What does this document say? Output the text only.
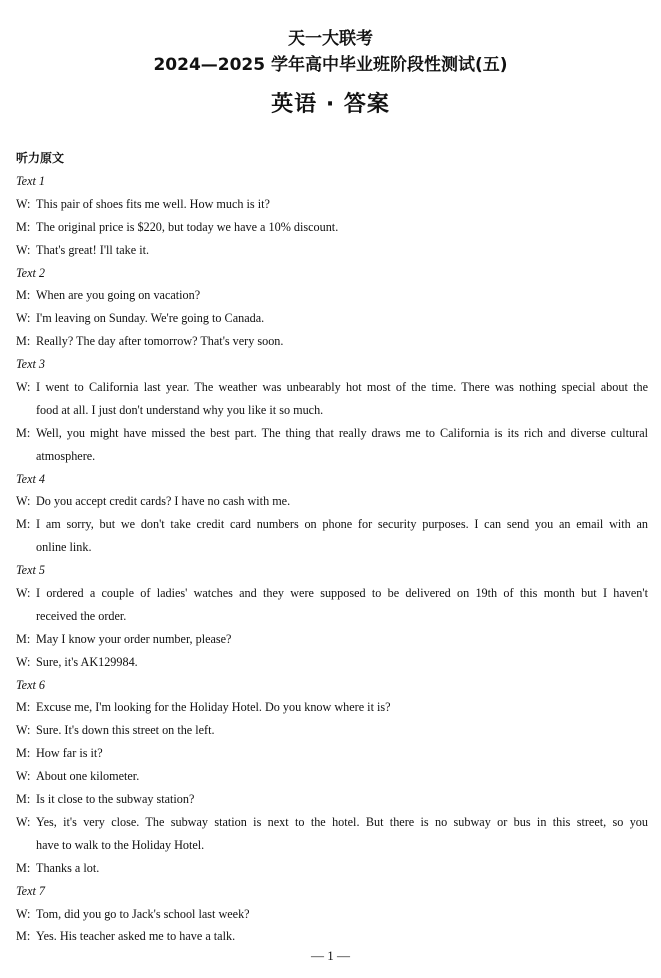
天一大联考
2024—2025 学年高中毕业班阶段性测试(五)
英语 · 答案
听力原文
Text 1
W: This pair of shoes fits me well. How much is it?
M: The original price is $220, but today we have a 10% discount.
W: That's great! I'll take it.
Text 2
M: When are you going on vacation?
W: I'm leaving on Sunday. We're going to Canada.
M: Really? The day after tomorrow? That's very soon.
Text 3
W: I went to California last year. The weather was unbearably hot most of the time. There was nothing special about the
food at all. I just don't understand why you like it so much.
M: Well, you might have missed the best part. The thing that really draws me to California is its rich and diverse cultural
atmosphere.
Text 4
W: Do you accept credit cards? I have no cash with me.
M: I am sorry, but we don't take credit card numbers on phone for security purposes. I can send you an email with an
online link.
Text 5
W: I ordered a couple of ladies' watches and they were supposed to be delivered on 19th of this month but I haven't
received the order.
M: May I know your order number, please?
W: Sure, it's AK129984.
Text 6
M: Excuse me, I'm looking for the Holiday Hotel. Do you know where it is?
W: Sure. It's down this street on the left.
M: How far is it?
W: About one kilometer.
M: Is it close to the subway station?
W: Yes, it's very close. The subway station is next to the hotel. But there is no subway or bus in this street, so you
have to walk to the Holiday Hotel.
M: Thanks a lot.
Text 7
W: Tom, did you go to Jack's school last week?
M: Yes. His teacher asked me to have a talk.
— 1 —
